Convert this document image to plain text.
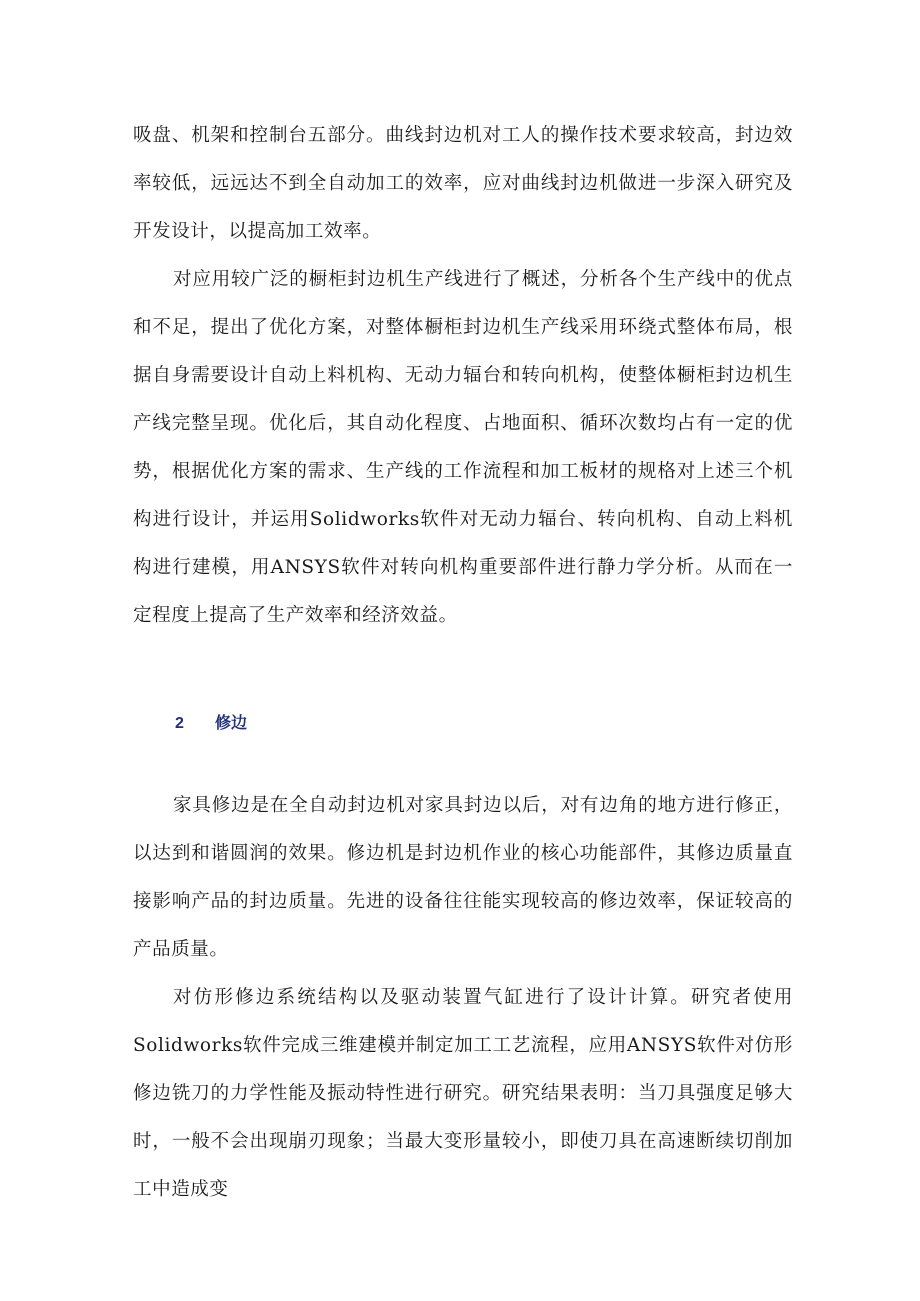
吸盘、机架和控制台五部分。曲线封边机对工人的操作技术要求较高，封边效率较低，远远达不到全自动加工的效率，应对曲线封边机做进一步深入研究及开发设计，以提高加工效率。

对应用较广泛的橱柜封边机生产线进行了概述，分析各个生产线中的优点和不足，提出了优化方案，对整体橱柜封边机生产线采用环绕式整体布局，根据自身需要设计自动上料机构、无动力辐台和转向机构，使整体橱柜封边机生产线完整呈现。优化后，其自动化程度、占地面积、循环次数均占有一定的优势，根据优化方案的需求、生产线的工作流程和加工板材的规格对上述三个机构进行设计，并运用Solidworks软件对无动力辐台、转向机构、自动上料机构进行建模，用ANSYS软件对转向机构重要部件进行静力学分析。从而在一定程度上提高了生产效率和经济效益。

2 修边

家具修边是在全自动封边机对家具封边以后，对有边角的地方进行修正，以达到和谐圆润的效果。修边机是封边机作业的核心功能部件，其修边质量直接影响产品的封边质量。先进的设备往往能实现较高的修边效率，保证较高的产品质量。

对仿形修边系统结构以及驱动装置气缸进行了设计计算。研究者使用Solidworks软件完成三维建模并制定加工工艺流程，应用ANSYS软件对仿形修边铣刀的力学性能及振动特性进行研究。研究结果表明：当刀具强度足够大时，一般不会出现崩刃现象；当最大变形量较小，即使刀具在高速断续切削加工中造成变
